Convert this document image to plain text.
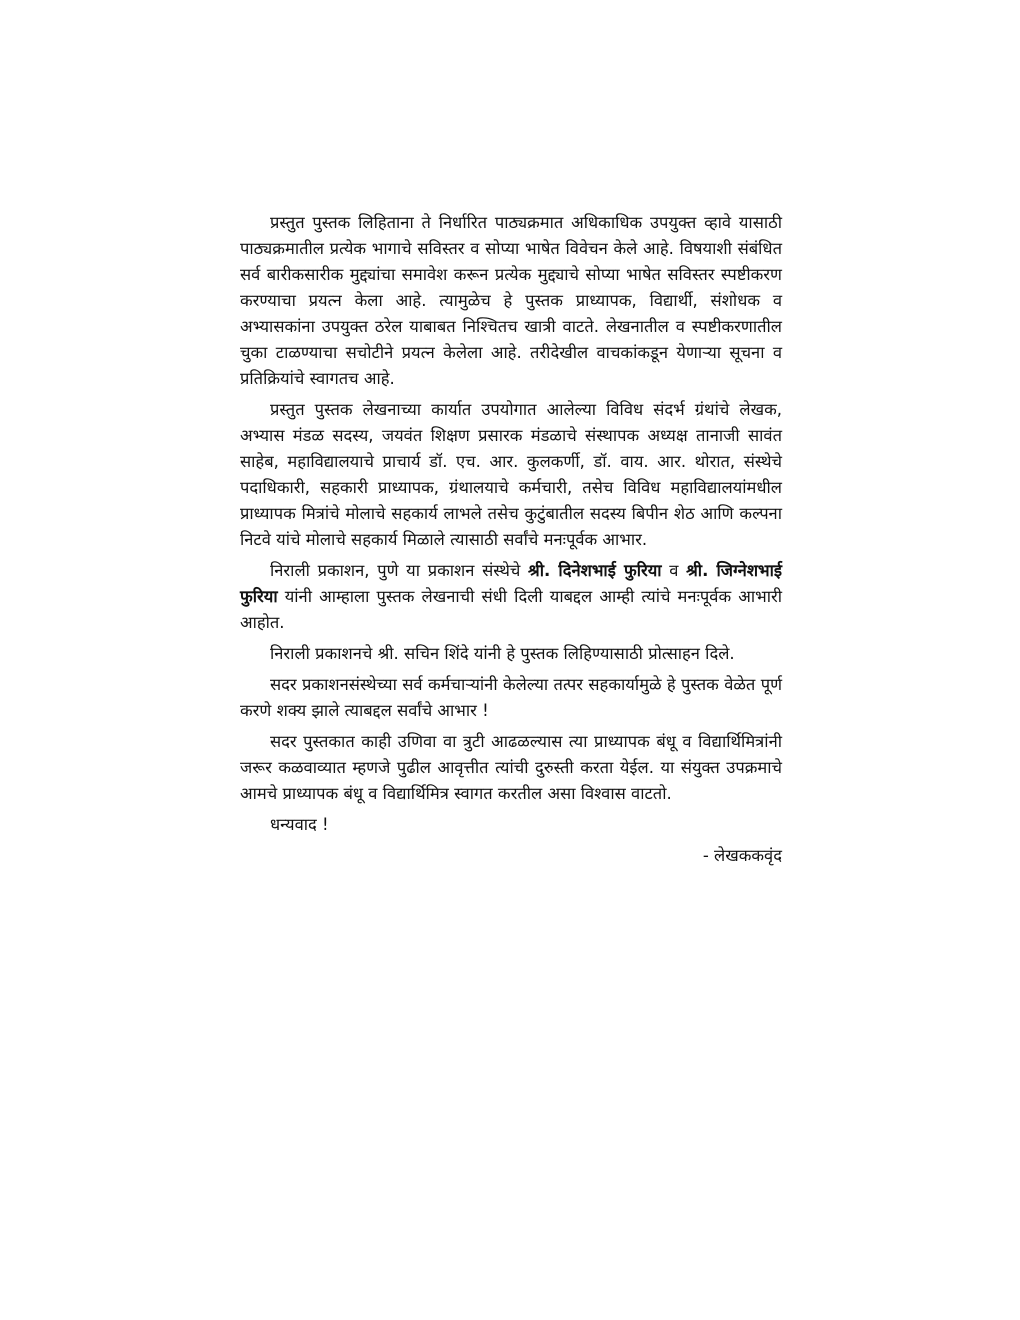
प्रस्तुत पुस्तक लिहिताना ते निर्धारित पाठ्यक्रमात अधिकाधिक उपयुक्त व्हावे यासाठी पाठ्यक्रमातील प्रत्येक भागाचे सविस्तर व सोप्या भाषेत विवेचन केले आहे. विषयाशी संबंधित सर्व बारीकसारीक मुद्द्यांचा समावेश करून प्रत्येक मुद्द्याचे सोप्या भाषेत सविस्तर स्पष्टीकरण करण्याचा प्रयत्न केला आहे. त्यामुळेच हे पुस्तक प्राध्यापक, विद्यार्थी, संशोधक व अभ्यासकांना उपयुक्त ठरेल याबाबत निश्चितच खात्री वाटते. लेखनातील व स्पष्टीकरणातील चुका टाळण्याचा सचोटीने प्रयत्न केलेला आहे. तरीदेखील वाचकांकडून येणाऱ्या सूचना व प्रतिक्रियांचे स्वागतच आहे.

प्रस्तुत पुस्तक लेखनाच्या कार्यात उपयोगात आलेल्या विविध संदर्भ ग्रंथांचे लेखक, अभ्यास मंडळ सदस्य, जयवंत शिक्षण प्रसारक मंडळाचे संस्थापक अध्यक्ष तानाजी सावंत साहेब, महाविद्यालयाचे प्राचार्य डॉ. एच. आर. कुलकर्णी, डॉ. वाय. आर. थोरात, संस्थेचे पदाधिकारी, सहकारी प्राध्यापक, ग्रंथालयाचे कर्मचारी, तसेच विविध महाविद्यालयांमधील प्राध्यापक मित्रांचे मोलाचे सहकार्य लाभले तसेच कुटुंबातील सदस्य बिपीन शेठ आणि कल्पना निटवे यांचे मोलाचे सहकार्य मिळाले त्यासाठी सर्वांचे मनःपूर्वक आभार.

निराली प्रकाशन, पुणे या प्रकाशन संस्थेचे श्री. दिनेशभाई फुरिया व श्री. जिग्नेशभाई फुरिया यांनी आम्हाला पुस्तक लेखनाची संधी दिली याबद्दल आम्ही त्यांचे मनःपूर्वक आभारी आहोत.

निराली प्रकाशनचे श्री. सचिन शिंदे यांनी हे पुस्तक लिहिण्यासाठी प्रोत्साहन दिले.

सदर प्रकाशनसंस्थेच्या सर्व कर्मचाऱ्यांनी केलेल्या तत्पर सहकार्यामुळे हे पुस्तक वेळेत पूर्ण करणे शक्य झाले त्याबद्दल सर्वांचे आभार !

सदर पुस्तकात काही उणिवा वा त्रुटी आढळल्यास त्या प्राध्यापक बंधू व विद्यार्थिमित्रांनी जरूर कळवाव्यात म्हणजे पुढील आवृत्तीत त्यांची दुरुस्ती करता येईल. या संयुक्त उपक्रमाचे आमचे प्राध्यापक बंधू व विद्यार्थिमित्र स्वागत करतील असा विश्वास वाटतो.

धन्यवाद !

- लेखककवृंद
